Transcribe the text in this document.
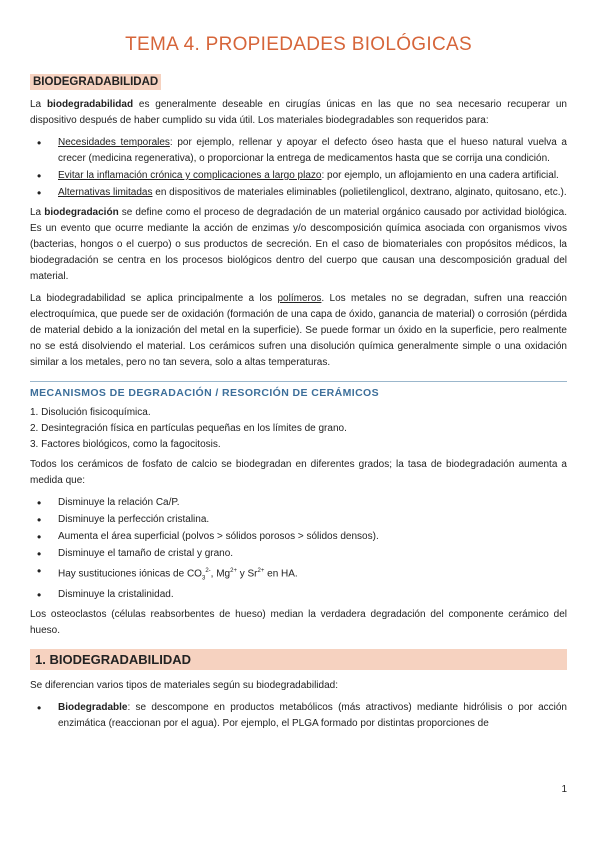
TEMA 4. PROPIEDADES BIOLÓGICAS
BIODEGRADABILIDAD

La biodegradabilidad es generalmente deseable en cirugías únicas en las que no sea necesario recuperar un dispositivo después de haber cumplido su vida útil. Los materiales biodegradables son requeridos para:

• Necesidades temporales: por ejemplo, rellenar y apoyar el defecto óseo hasta que el hueso natural vuelva a crecer (medicina regenerativa), o proporcionar la entrega de medicamentos hasta que se corrija una condición.
• Evitar la inflamación crónica y complicaciones a largo plazo: por ejemplo, un aflojamiento en una cadera artificial.
• Alternativas limitadas en dispositivos de materiales eliminables (polietilenglicol, dextrano, alginato, quitosano, etc.).

La biodegradación se define como el proceso de degradación de un material orgánico causado por actividad biológica. Es un evento que ocurre mediante la acción de enzimas y/o descomposición química asociada con organismos vivos (bacterias, hongos o el cuerpo) o sus productos de secreción. En el caso de biomateriales con propósitos médicos, la biodegradación se centra en los procesos biológicos dentro del cuerpo que causan una descomposición gradual del material.

La biodegradabilidad se aplica principalmente a los polímeros. Los metales no se degradan, sufren una reacción electroquímica, que puede ser de oxidación (formación de una capa de óxido, ganancia de material) o corrosión (pérdida de material debido a la ionización del metal en la superficie). Se puede formar un óxido en la superficie, pero realmente no se está disolviendo el material. Los cerámicos sufren una disolución química generalmente simple o una oxidación similar a los metales, pero no tan severa, solo a altas temperaturas.

MECANISMOS DE DEGRADACIÓN / RESORCIÓN DE CERÁMICOS
1. Disolución fisicoquímica.
2. Desintegración física en partículas pequeñas en los límites de grano.
3. Factores biológicos, como la fagocitosis.

Todos los cerámicos de fosfato de calcio se biodegradan en diferentes grados; la tasa de biodegradación aumenta a medida que:

• Disminuye la relación Ca/P.
• Disminuye la perfección cristalina.
• Aumenta el área superficial (polvos > sólidos porosos > sólidos densos).
• Disminuye el tamaño de cristal y grano.
• Hay sustituciones iónicas de $CO_3^{2-}$, $Mg^{2+}$ y $Sr^{2+}$ en HA.
• Disminuye la cristalinidad.

Los osteoclastos (células reabsorbentes de hueso) median la verdadera degradación del componente cerámico del hueso.

1. BIODEGRADABILIDAD

Se diferencian varios tipos de materiales según su biodegradabilidad:

• Biodegradable: se descompone en productos metabólicos (más atractivos) mediante hidrólisis o por acción enzimática (reaccionan por el agua). Por ejemplo, el PLGA formado por distintas proporciones de
1
